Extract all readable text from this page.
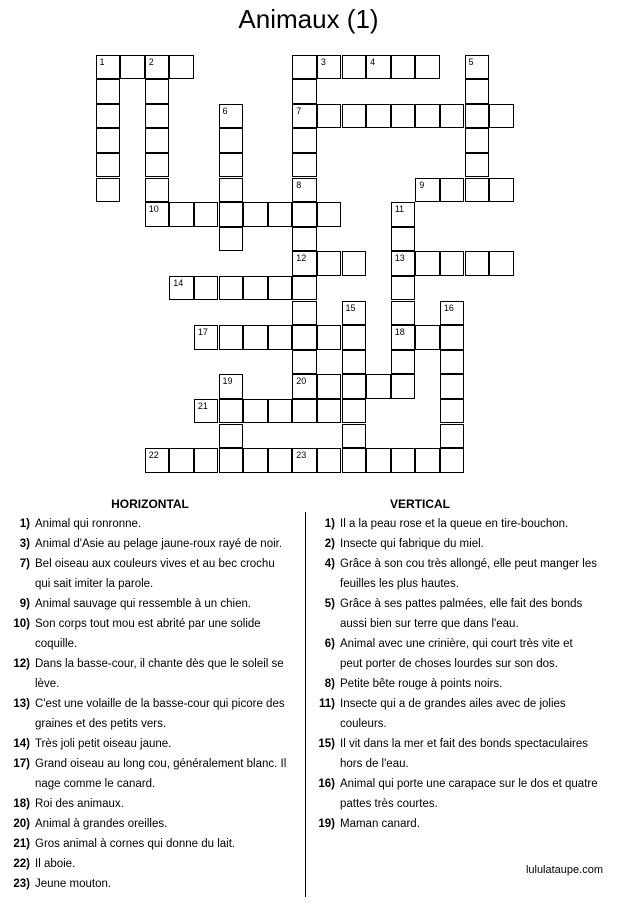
Animaux (1)
1	2	3	4
7
8
5
6
9
10	11
13
18
12
14
15	16
17
19	20
21
22	23
HORIZONTAL	VERTICAL
1) Animal qui ronronne.
3) Animal d'Asie au pelage jaune-roux rayé de noir.
7) Bel oiseau aux couleurs vives et au bec crochu
qui sait imiter la parole.
9) Animal sauvage qui ressemble à un chien.
10) Son corps tout mou est abrité par une solide
coquille.
12) Dans la basse-cour, il chante dès que le soleil se
lève.
13) C'est une volaille de la basse-cour qui picore des
graines et des petits vers.
14) Très joli petit oiseau jaune.
17) Grand oiseau au long cou, généralement blanc. Il
nage comme le canard.
18) Roi des animaux.
20) Animal à grandes oreilles.
21) Gros animal à cornes qui donne du lait.
22) Il aboie.
23) Jeune mouton.
1) Il a la peau rose et la queue en tire-bouchon.
2) Insecte qui fabrique du miel.
4) Grâce à son cou très allongé, elle peut manger les
feuilles les plus hautes.
5) Grâce à ses pattes palmées, elle fait des bonds
aussi bien sur terre que dans l'eau.
6) Animal avec une crinière, qui court très vite et
peut porter de choses lourdes sur son dos.
8) Petite bête rouge à points noirs.
11) Insecte qui a de grandes ailes avec de jolies
couleurs.
15) Il vit dans la mer et fait des bonds spectaculaires
hors de l'eau.
16) Animal qui porte une carapace sur le dos et quatre
pattes très courtes.
19) Maman canard.
lululataupe.com
